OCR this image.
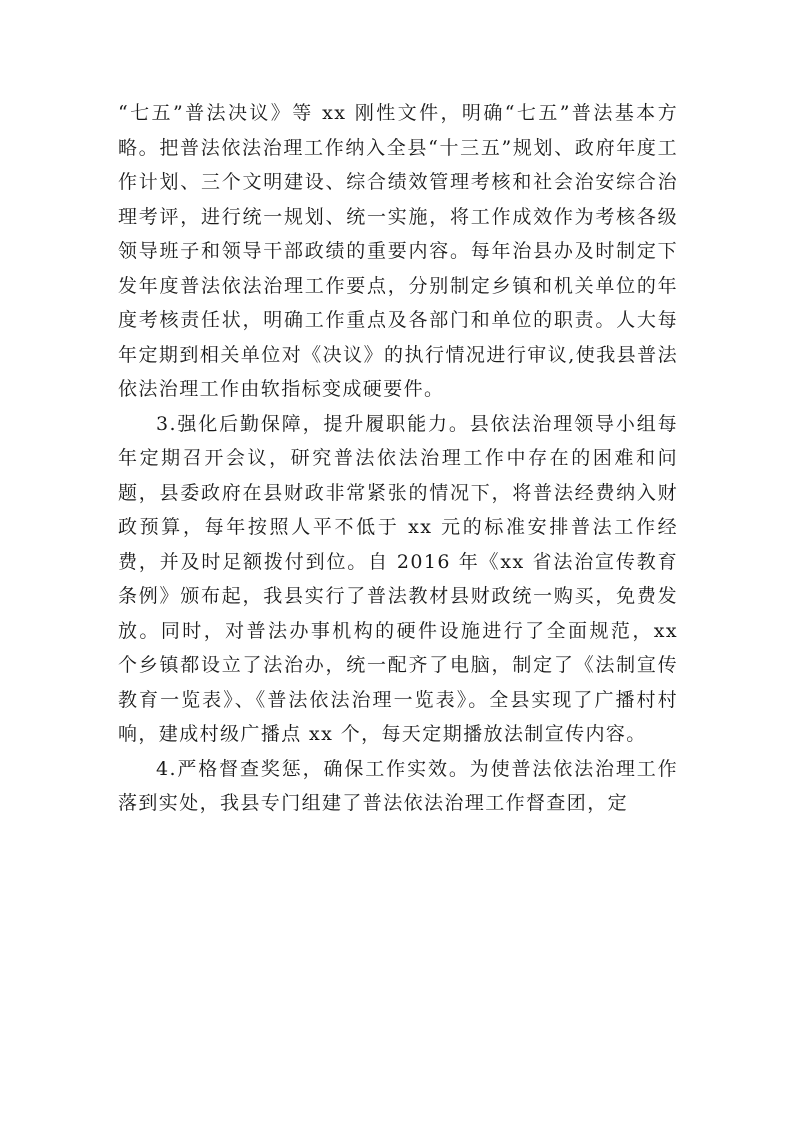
“七五”普法决议》等 xx 刚性文件，明确“七五”普法基本方略。把普法依法治理工作纳入全县“十三五”规划、政府年度工作计划、三个文明建设、综合绩效管理考核和社会治安综合治理考评，进行统一规划、统一实施，将工作成效作为考核各级领导班子和领导干部政绩的重要内容。每年治县办及时制定下发年度普法依法治理工作要点，分别制定乡镇和机关单位的年度考核责任状，明确工作重点及各部门和单位的职责。人大每年定期到相关单位对《决议》的执行情况进行审议,使我县普法依法治理工作由软指标变成硬要件。

3.强化后勤保障，提升履职能力。县依法治理领导小组每年定期召开会议，研究普法依法治理工作中存在的困难和问题，县委政府在县财政非常紧张的情况下，将普法经费纳入财政预算，每年按照人平不低于 xx 元的标准安排普法工作经费，并及时足额拨付到位。自 2016 年《xx 省法治宣传教育条例》颁布起，我县实行了普法教材县财政统一购买，免费发放。同时，对普法办事机构的硬件设施进行了全面规范，xx 个乡镇都设立了法治办，统一配齐了电脑，制定了《法制宣传教育一览表》、《普法依法治理一览表》。全县实现了广播村村响，建成村级广播点 xx 个，每天定期播放法制宣传内容。

4.严格督查奖惩，确保工作实效。为使普法依法治理工作落到实处，我县专门组建了普法依法治理工作督查团，定
